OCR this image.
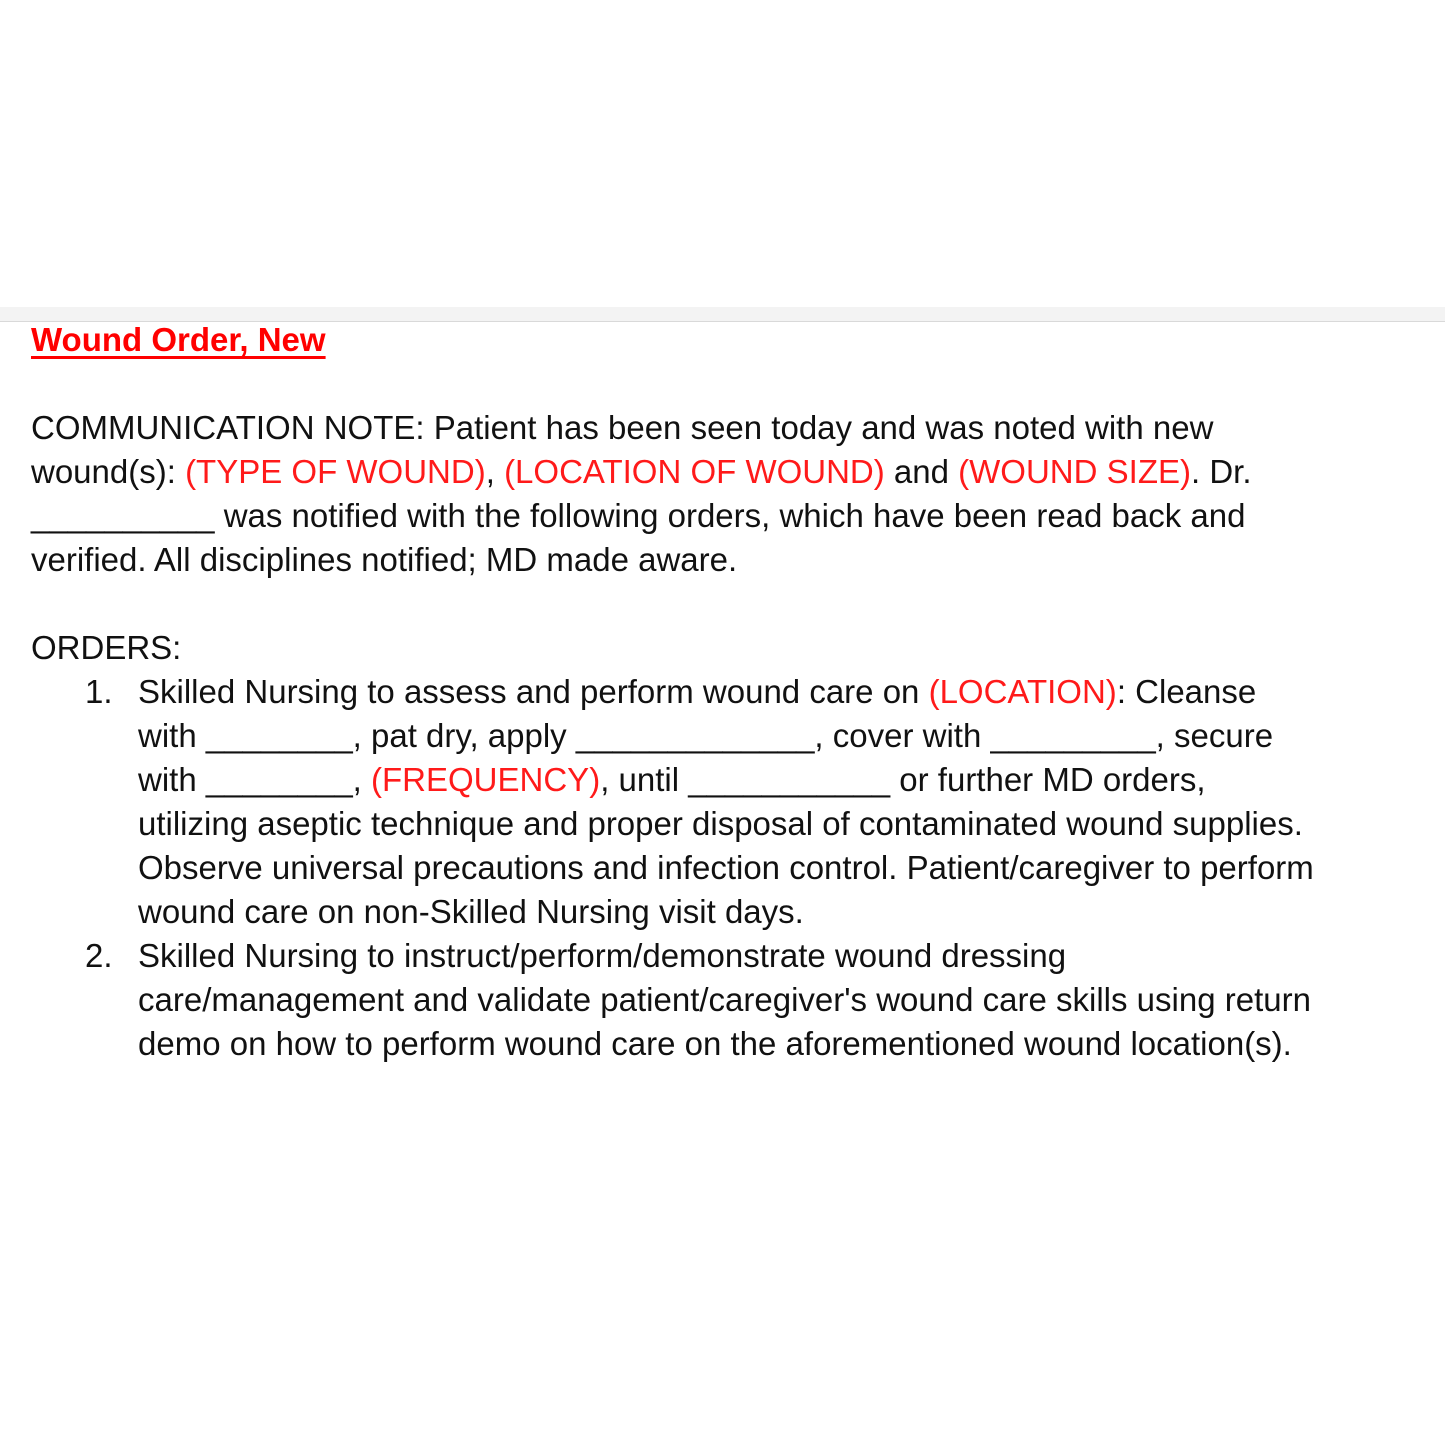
Wound Order, New
COMMUNICATION NOTE: Patient has been seen today and was noted with new
wound(s): (TYPE OF WOUND), (LOCATION OF WOUND) and (WOUND SIZE). Dr.
__________ was notified with the following orders, which have been read back and
verified. All disciplines notified; MD made aware.
ORDERS:
1. Skilled Nursing to assess and perform wound care on (LOCATION): Cleanse
with ________, pat dry, apply _____________, cover with _________, secure
with ________, (FREQUENCY), until ___________ or further MD orders,
utilizing aseptic technique and proper disposal of contaminated wound supplies.
Observe universal precautions and infection control. Patient/caregiver to perform
wound care on non-Skilled Nursing visit days.
2. Skilled Nursing to instruct/perform/demonstrate wound dressing
care/management and validate patient/caregiver's wound care skills using return
demo on how to perform wound care on the aforementioned wound location(s).
